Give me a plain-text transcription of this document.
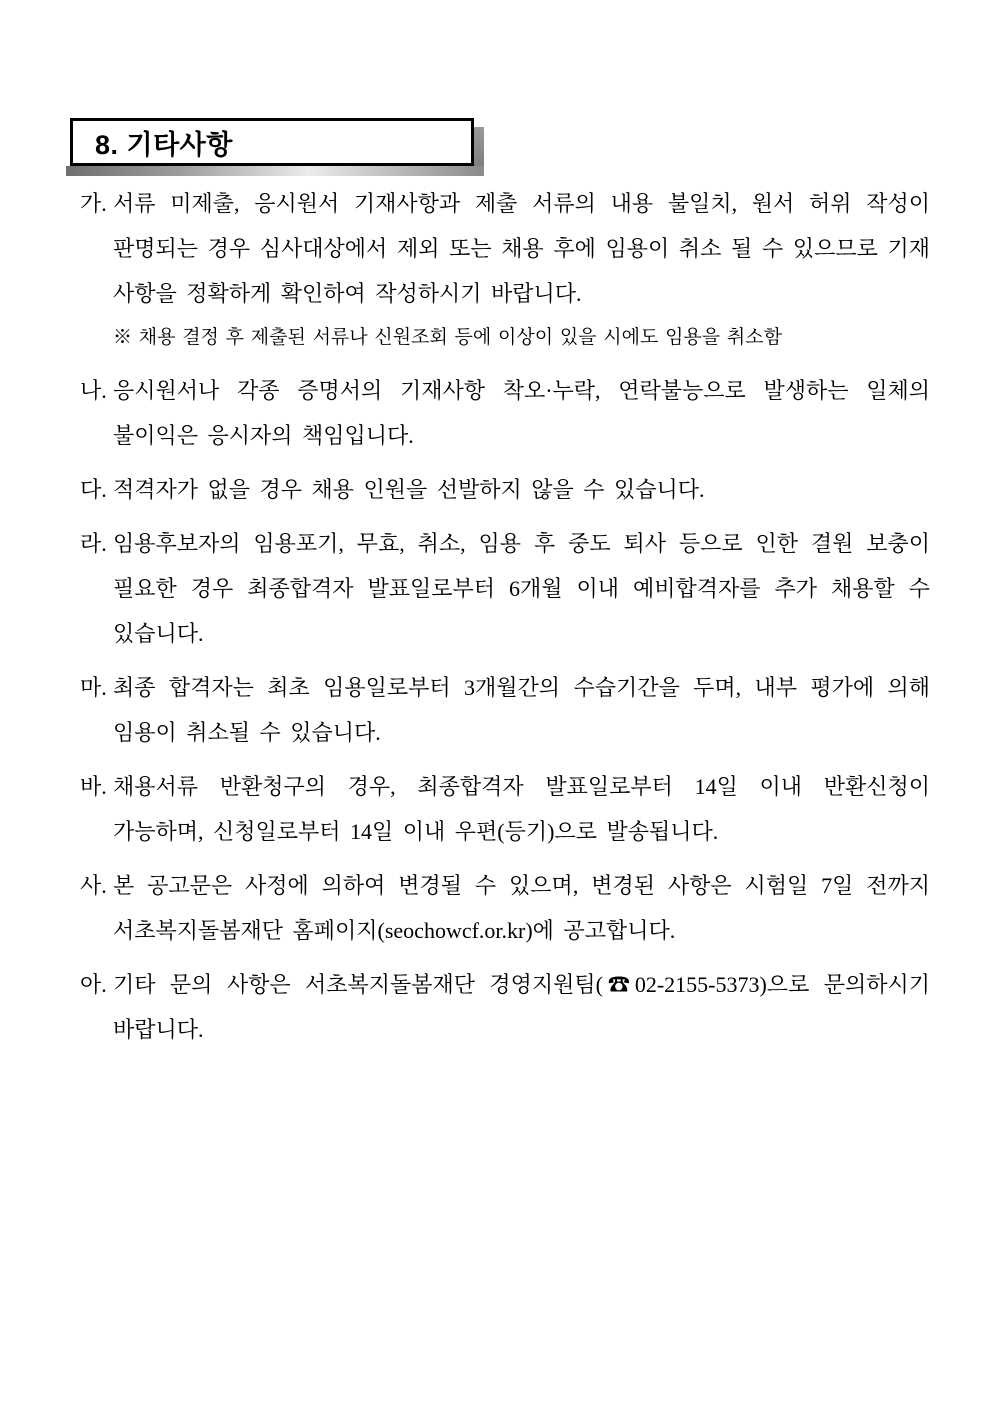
8. 기타사항
가. 서류 미제출, 응시원서 기재사항과 제출 서류의 내용 불일치, 원서 허위 작성이 판명되는 경우 심사대상에서 제외 또는 채용 후에 임용이 취소 될 수 있으므로 기재 사항을 정확하게 확인하여 작성하시기 바랍니다.
※ 채용 결정 후 제출된 서류나 신원조회 등에 이상이 있을 시에도 임용을 취소함
나. 응시원서나 각종 증명서의 기재사항 착오·누락, 연락불능으로 발생하는 일체의 불이익은 응시자의 책임입니다.
다. 적격자가 없을 경우 채용 인원을 선발하지 않을 수 있습니다.
라. 임용후보자의 임용포기, 무효, 취소, 임용 후 중도 퇴사 등으로 인한 결원 보충이 필요한 경우 최종합격자 발표일로부터 6개월 이내 예비합격자를 추가 채용할 수 있습니다.
마. 최종 합격자는 최초 임용일로부터 3개월간의 수습기간을 두며, 내부 평가에 의해 임용이 취소될 수 있습니다.
바. 채용서류 반환청구의 경우, 최종합격자 발표일로부터 14일 이내 반환신청이 가능하며, 신청일로부터 14일 이내 우편(등기)으로 발송됩니다.
사. 본 공고문은 사정에 의하여 변경될 수 있으며, 변경된 사항은 시험일 7일 전까지 서초복지돌봄재단 홈페이지(seochowcf.or.kr)에 공고합니다.
아. 기타 문의 사항은 서초복지돌봄재단 경영지원팀(☎02-2155-5373)으로 문의하시기 바랍니다.
